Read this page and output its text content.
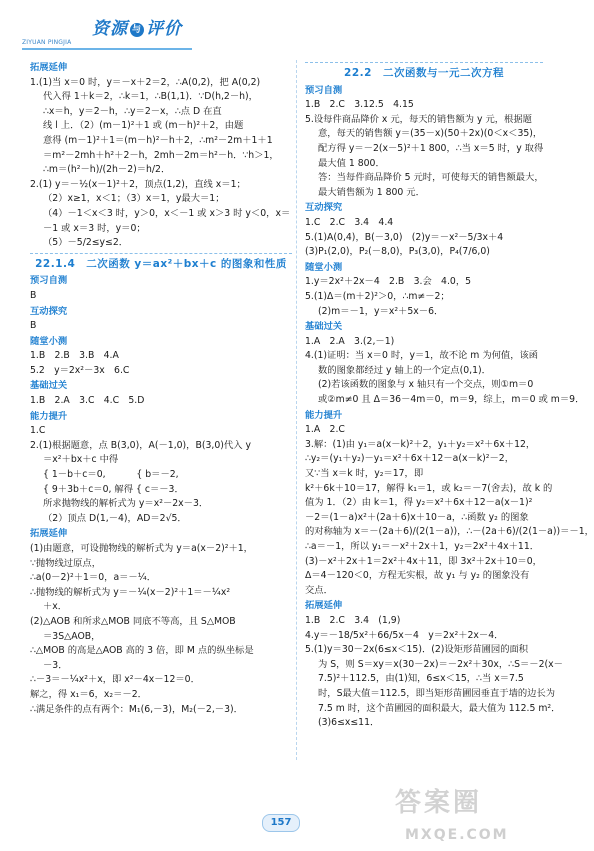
ZIYUAN PINGJIA
资源 与 评价
拓展延伸
1.(1)当 x＝0 时，y＝－x＋2＝2，∴A(0,2)，把 A(0,2)
代入得 1＋k＝2，∴k＝1，∴B(1,1)．∵D(h,2－h)，
∴x＝h，y＝2－h，∴y＝2－x，∴点 D 在直
线 l 上．（2）(m－1)²＋1 或 (m－h)²＋2，由题
意得 (m－1)²＋1＝(m－h)²－h＋2，∴m²－2m＋1＋1
＝m²－2mh＋h²＋2－h，2mh－2m＝h²－h．∵h＞1，
∴m＝(h²－h)/(2h－2)＝h/2．
2.(1) y＝－½(x－1)²＋2，顶点(1,2)，直线 x＝1；
（2）x≥1，x＜1；（3）x＝1，y最大＝1；
（4）－1＜x＜3 时，y＞0，x＜－1 或 x＞3 时 y＜0，x＝
－1 或 x＝3 时，y＝0；
（5）－5/2≤y≤2．
22.1.4　二次函数 y＝ax²＋bx＋c 的图象和性质
预习自测
B
互动探究
B
随堂小测
1.B　2.B　3.B　4.A
5.2　y＝2x²－3x　6.C
基础过关
1.B　2.A　3.C　4.C　5.D
能力提升
1.C
2.(1)根据题意，点 B(3,0)，A(－1,0)，B(3,0)代入 y
＝x²＋bx＋c 中得
{ 1－b＋c＝0,　　　 { b＝－2,
{ 9＋3b＋c＝0, 解得 { c＝－3．
所求抛物线的解析式为 y＝x²－2x－3．
（2）顶点 D(1,－4)，AD＝2√5．
拓展延伸
(1)由题意，可设抛物线的解析式为 y＝a(x－2)²＋1，
∵抛物线过原点，
∴a(0－2)²＋1＝0，a＝－¼．
∴抛物线的解析式为 y＝－¼(x－2)²＋1＝－¼x²
＋x．
(2)△AOB 和所求△MOB 同底不等高，且 S△MOB
＝3S△AOB，
∴△MOB 的高是△AOB 高的 3 倍，即 M 点的纵坐标是
－3．
∴－3＝－¼x²＋x，即 x²－4x－12＝0．
解之，得 x₁＝6，x₂＝－2．
∴满足条件的点有两个：M₁(6,－3)，M₂(－2,－3)．
22.2　二次函数与一元二次方程
预习自测
1.B　2.C　3.12.5　4.15
5.设每件商品降价 x 元，每天的销售额为 y 元，根据题
意，每天的销售额 y＝(35－x)(50＋2x)(0＜x＜35)，
配方得 y＝－2(x－5)²＋1 800，∴当 x＝5 时，y 取得
最大值 1 800．
答：当每件商品降价 5 元时，可使每天的销售额最大，
最大销售额为 1 800 元．
互动探究
1.C　2.C　3.4　4.4
5.(1)A(0,4)，B(－3,0)　(2)y＝－x²－5/3x＋4
(3)P₁(2,0)，P₂(－8,0)，P₃(3,0)，P₄(7/6,0)
随堂小测
1.y＝2x²＋2x－4　2.B　3.会　4.0，5
5.(1)Δ＝(m＋2)²＞0，∴m≠－2；
(2)m＝－1，y＝x²＋5x－6．
基础过关
1.A　2.A　3.(2,－1)
4.(1)证明：当 x＝0 时，y＝1，故不论 m 为何值，该函
数的图象都经过 y 轴上的一个定点(0,1)．
(2)若该函数的图象与 x 轴只有一个交点，则①m＝0
或②m≠0 且 Δ＝36－4m＝0，m＝9，综上，m＝0 或 m＝9．
能力提升
1.A　2.C
3.解：(1)由 y₁＝a(x－k)²＋2，y₁＋y₂＝x²＋6x＋12，
∴y₂＝(y₁＋y₂)－y₁＝x²＋6x＋12－a(x－k)²－2，
又∵当 x＝k 时，y₂＝17，即
k²＋6k＋10＝17，解得 k₁＝1，或 k₂＝－7(舍去)，故 k 的
值为 1．（2）由 k＝1，得 y₂＝x²＋6x＋12－a(x－1)²
－2＝(1－a)x²＋(2a＋6)x＋10－a，∴函数 y₂ 的图象
的对称轴为 x＝－(2a＋6)/(2(1－a))，∴－(2a＋6)/(2(1－a))＝－1，
∴a＝－1，所以 y₁＝－x²＋2x＋1，y₂＝2x²＋4x＋11．
(3)－x²＋2x＋1＝2x²＋4x＋11，即 3x²＋2x＋10＝0，
Δ＝4－120＜0，方程无实根，故 y₁ 与 y₂ 的图象没有
交点．
拓展延伸
1.B　2.C　3.4　(1,9)
4.y＝－18/5x²＋66/5x－4　y＝2x²＋2x－4．
5.(1)y＝30－2x(6≤x＜15)．(2)设矩形苗圃园的面积
为 S，则 S＝xy＝x(30－2x)＝－2x²＋30x，∴S＝－2(x－
7.5)²＋112.5，由(1)知，6≤x＜15，∴当 x＝7.5
时，S最大值＝112.5，即当矩形苗圃园垂直于墙的边长为
7.5 m 时，这个苗圃园的面积最大，最大值为 112.5 m²．
(3)6≤x≤11．
157
答案圈
MXQE.COM
